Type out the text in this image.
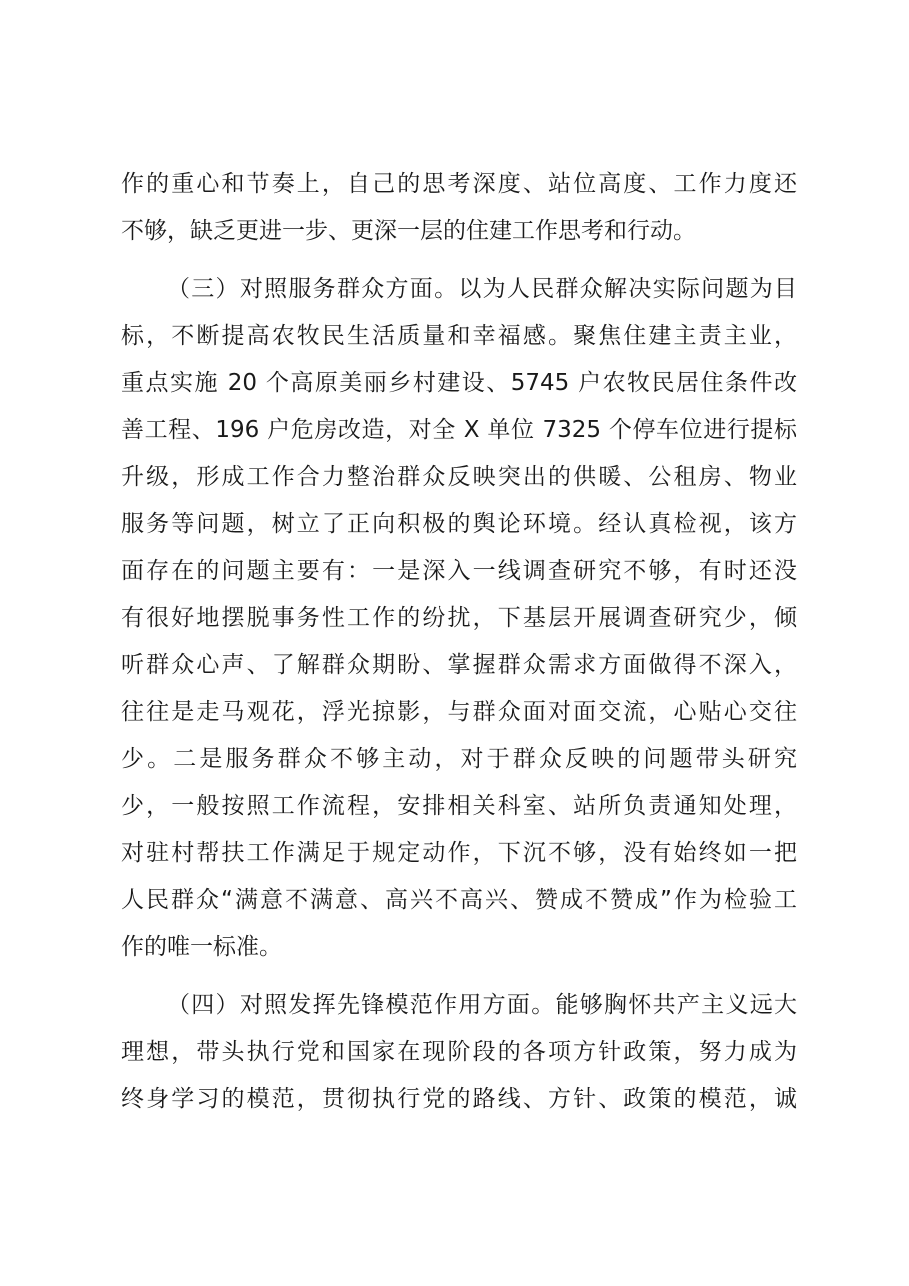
作的重心和节奏上，自己的思考深度、站位高度、工作力度还
不够，缺乏更进一步、更深一层的住建工作思考和行动。

（三）对照服务群众方面。以为人民群众解决实际问题为目
标，不断提高农牧民生活质量和幸福感。聚焦住建主责主业，
重点实施 20 个高原美丽乡村建设、5745 户农牧民居住条件改
善工程、196 户危房改造，对全 X 单位 7325 个停车位进行提标
升级，形成工作合力整治群众反映突出的供暖、公租房、物业
服务等问题，树立了正向积极的舆论环境。经认真检视，该方
面存在的问题主要有：一是深入一线调查研究不够，有时还没
有很好地摆脱事务性工作的纷扰，下基层开展调查研究少，倾
听群众心声、了解群众期盼、掌握群众需求方面做得不深入，
往往是走马观花，浮光掠影，与群众面对面交流，心贴心交往
少。二是服务群众不够主动，对于群众反映的问题带头研究
少，一般按照工作流程，安排相关科室、站所负责通知处理，
对驻村帮扶工作满足于规定动作，下沉不够，没有始终如一把
人民群众“满意不满意、高兴不高兴、赞成不赞成”作为检验工
作的唯一标准。

（四）对照发挥先锋模范作用方面。能够胸怀共产主义远大
理想，带头执行党和国家在现阶段的各项方针政策，努力成为
终身学习的模范，贯彻执行党的路线、方针、政策的模范，诚
